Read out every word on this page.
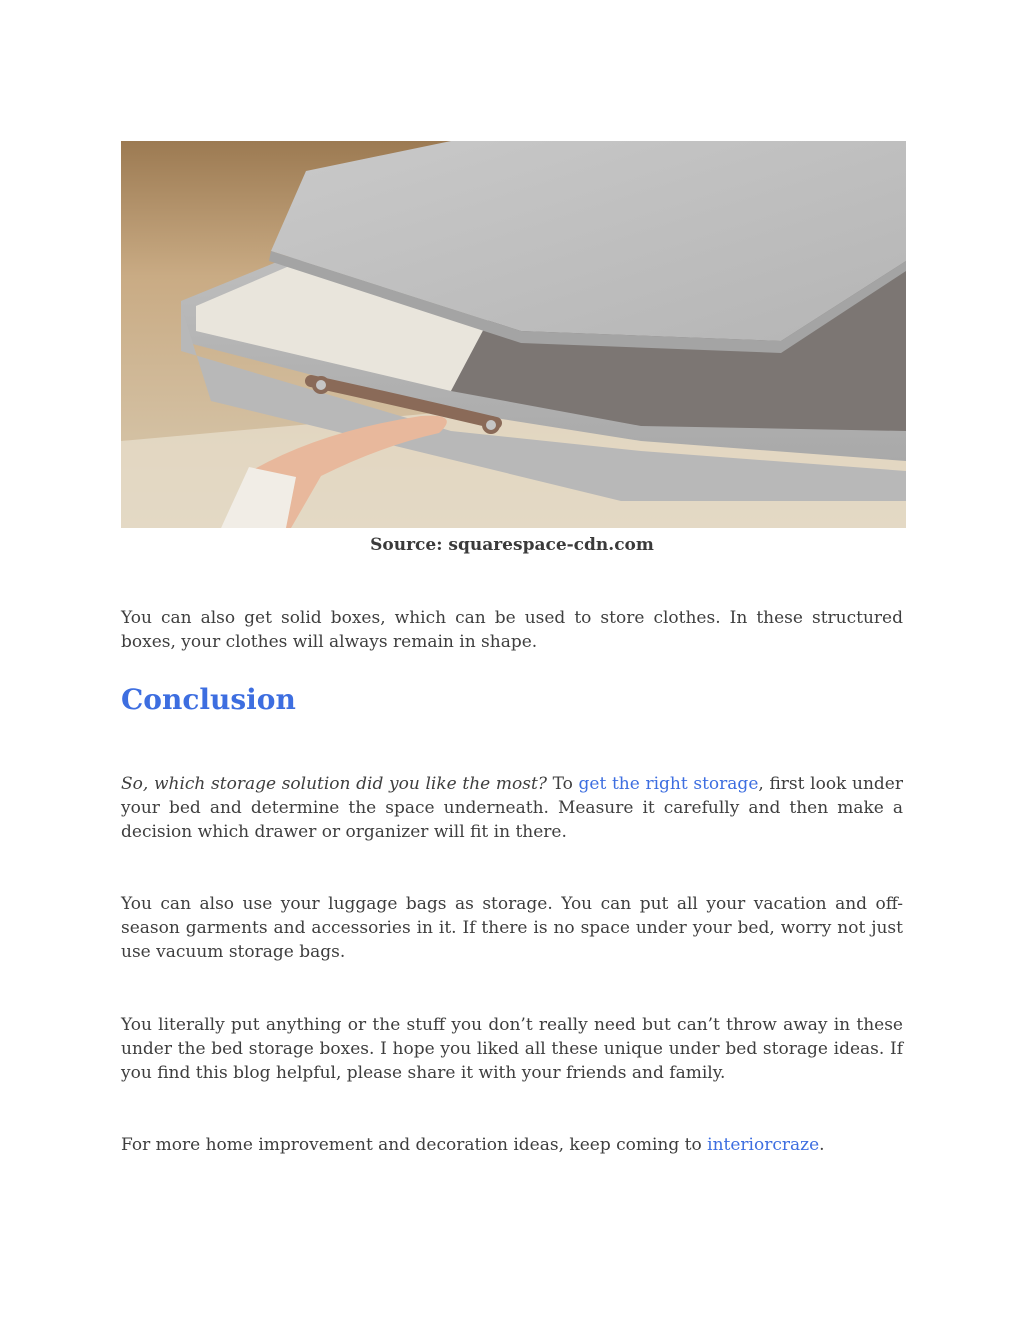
Source: squarespace-cdn.com

You can also get solid boxes, which can be used to store clothes. In these structured boxes, your clothes will always remain in shape.

Conclusion

So, which storage solution did you like the most? To get the right storage, first look under your bed and determine the space underneath. Measure it carefully and then make a decision which drawer or organizer will fit in there.

You can also use your luggage bags as storage. You can put all your vacation and off-season garments and accessories in it. If there is no space under your bed, worry not just use vacuum storage bags.

You literally put anything or the stuff you don’t really need but can’t throw away in these under the bed storage boxes. I hope you liked all these unique under bed storage ideas. If you find this blog helpful, please share it with your friends and family.

For more home improvement and decoration ideas, keep coming to interiorcraze.
